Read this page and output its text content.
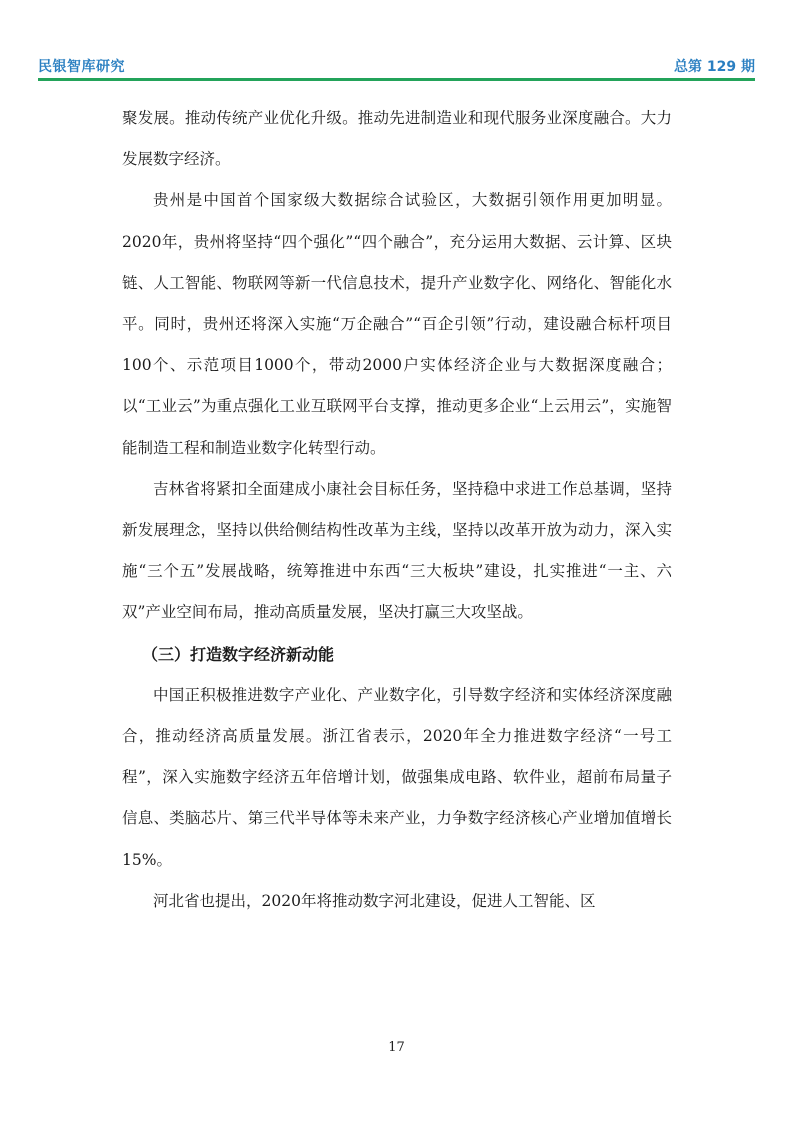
民银智库研究	总第 129 期

聚发展。推动传统产业优化升级。推动先进制造业和现代服务业深度融合。大力发展数字经济。

贵州是中国首个国家级大数据综合试验区，大数据引领作用更加明显。2020年，贵州将坚持“四个强化”“四个融合”，充分运用大数据、云计算、区块链、人工智能、物联网等新一代信息技术，提升产业数字化、网络化、智能化水平。同时，贵州还将深入实施“万企融合”“百企引领”行动，建设融合标杆项目100个、示范项目1000个，带动2000户实体经济企业与大数据深度融合；以“工业云”为重点强化工业互联网平台支撑，推动更多企业“上云用云”，实施智能制造工程和制造业数字化转型行动。

吉林省将紧扣全面建成小康社会目标任务，坚持稳中求进工作总基调，坚持新发展理念，坚持以供给侧结构性改革为主线，坚持以改革开放为动力，深入实施“三个五”发展战略，统筹推进中东西“三大板块”建设，扎实推进“一主、六双”产业空间布局，推动高质量发展，坚决打赢三大攻坚战。

（三）打造数字经济新动能

中国正积极推进数字产业化、产业数字化，引导数字经济和实体经济深度融合，推动经济高质量发展。浙江省表示，2020年全力推进数字经济“一号工程”，深入实施数字经济五年倍增计划，做强集成电路、软件业，超前布局量子信息、类脑芯片、第三代半导体等未来产业，力争数字经济核心产业增加值增长15%。

河北省也提出，2020年将推动数字河北建设，促进人工智能、区

17
